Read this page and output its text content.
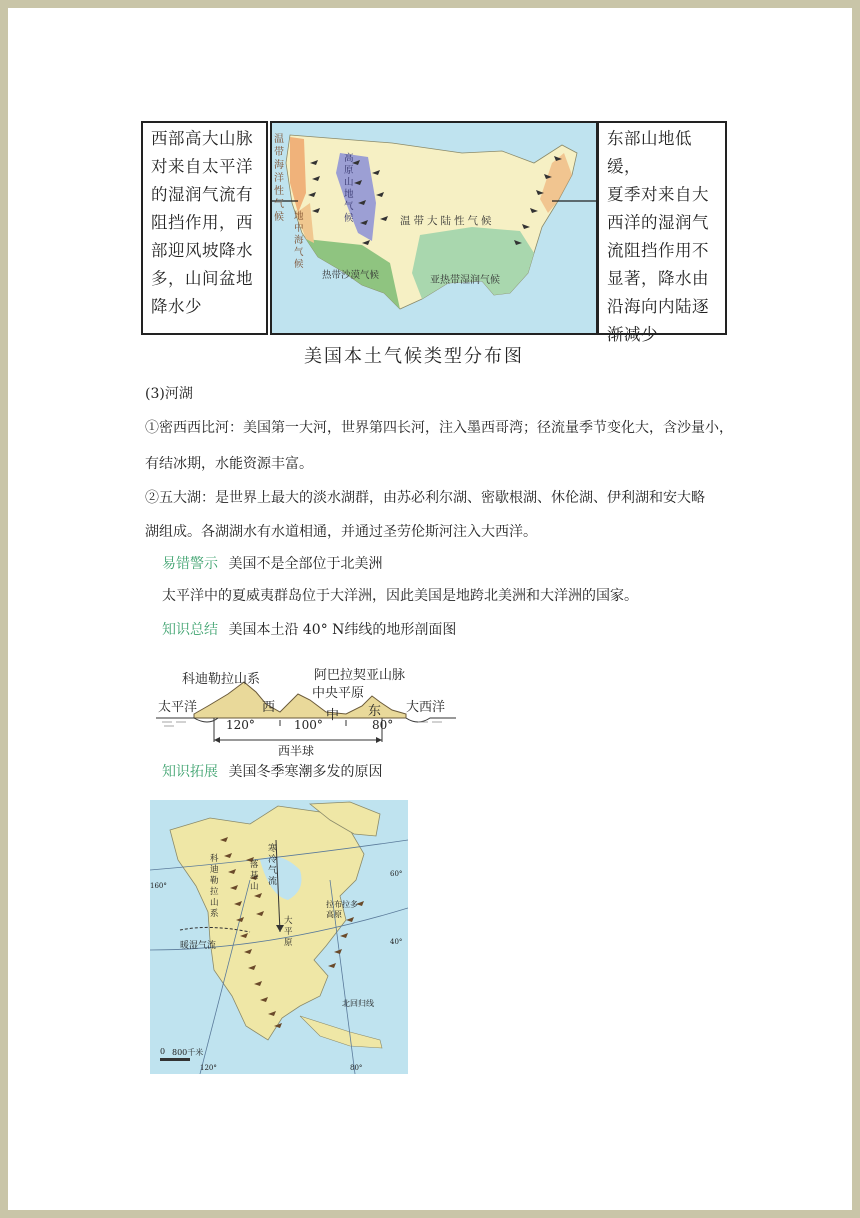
西部高大山脉
对来自太平洋
的湿润气流有
阻挡作用，西
部迎风坡降水
多，山间盆地
降水少
温带海洋性气候 地中海气候
高原山地气候	温带大陆性气候
热带沙漠气候	亚热带湿润气候
东部山地低缓，
夏季对来自大
西洋的湿润气
流阻挡作用不
显著，降水由
沿海向内陆逐
渐减少
美国本土气候类型分布图
(3)河湖
①密西西比河：美国第一大河，世界第四长河，注入墨西哥湾；径流量季节变化大，含沙量小，
有结冰期，水能资源丰富。
②五大湖：是世界上最大的淡水湖群，由苏必利尔湖、密歇根湖、休伦湖、伊利湖和安大略
湖组成。各湖湖水有水道相通，并通过圣劳伦斯河注入大西洋。
易错警示 美国不是全部位于北美洲
太平洋中的夏威夷群岛位于大洋洲，因此美国是地跨北美洲和大洋洲的国家。
知识总结 美国本土沿 40° N纬线的地形剖面图
科迪勒拉山系	阿巴拉契亚山脉
中央平原
太平洋	大西洋
西
中 东
120°	100°	80°
西半球
知识拓展 美国冬季寒潮多发的原因
寒冷气流
暖湿气流
科迪勒拉山系
落基山
大平原
拉布拉多高原
北回归线
0 800千米
160°
60°
40°
120°	80°
